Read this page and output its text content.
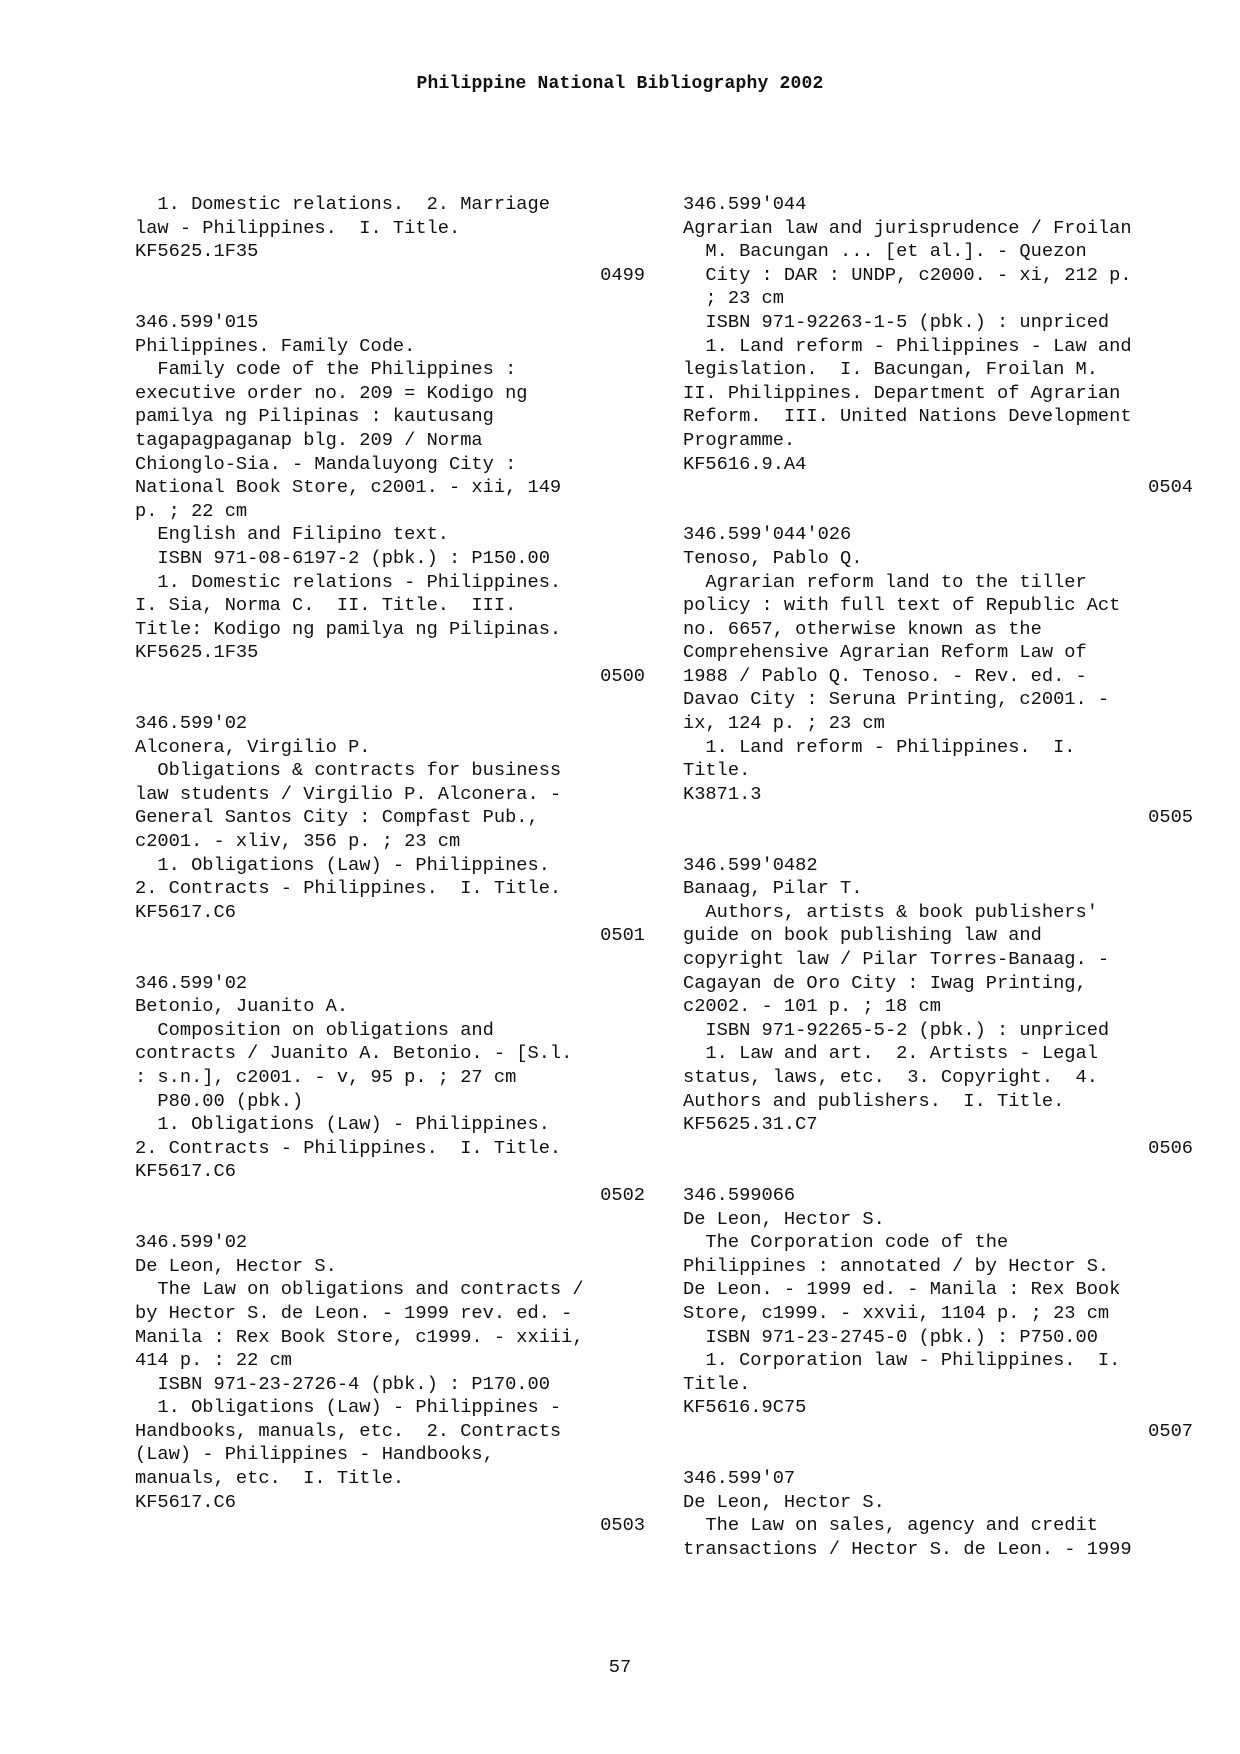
Philippine National Bibliography 2002
1. Domestic relations.  2. Marriage
law - Philippines.  I. Title.
KF5625.1F35
0499
346.599'015
Philippines. Family Code.
Family code of the Philippines :
executive order no. 209 = Kodigo ng
pamilya ng Pilipinas : kautusang
tagapagpaganap blg. 209 / Norma
Chionglo-Sia. - Mandaluyong City :
National Book Store, c2001. - xii, 149
p. ; 22 cm
English and Filipino text.
ISBN 971-08-6197-2 (pbk.) : P150.00
1. Domestic relations - Philippines.
I. Sia, Norma C.  II. Title.  III.
Title: Kodigo ng pamilya ng Pilipinas.
KF5625.1F35
0500
346.599'02
Alconera, Virgilio P.
Obligations & contracts for business
law students / Virgilio P. Alconera. -
General Santos City : Compfast Pub.,
c2001. - xliv, 356 p. ; 23 cm
1. Obligations (Law) - Philippines.
2. Contracts - Philippines.  I. Title.
KF5617.C6
0501
346.599'02
Betonio, Juanito A.
Composition on obligations and
contracts / Juanito A. Betonio. - [S.l.
: s.n.], c2001. - v, 95 p. ; 27 cm
P80.00 (pbk.)
1. Obligations (Law) - Philippines.
2. Contracts - Philippines.  I. Title.
KF5617.C6
0502
346.599'02
De Leon, Hector S.
The Law on obligations and contracts /
by Hector S. de Leon. - 1999 rev. ed. -
Manila : Rex Book Store, c1999. - xxiii,
414 p. : 22 cm
ISBN 971-23-2726-4 (pbk.) : P170.00
1. Obligations (Law) - Philippines -
Handbooks, manuals, etc.  2. Contracts
(Law) - Philippines - Handbooks,
manuals, etc.  I. Title.
KF5617.C6
0503
346.599'044
Agrarian law and jurisprudence / Froilan
M. Bacungan ... [et al.]. - Quezon
City : DAR : UNDP, c2000. - xi, 212 p.
; 23 cm
ISBN 971-92263-1-5 (pbk.) : unpriced
1. Land reform - Philippines - Law and
legislation.  I. Bacungan, Froilan M.
II. Philippines. Department of Agrarian
Reform.  III. United Nations Development
Programme.
KF5616.9.A4
0504
346.599'044'026
Tenoso, Pablo Q.
Agrarian reform land to the tiller
policy : with full text of Republic Act
no. 6657, otherwise known as the
Comprehensive Agrarian Reform Law of
1988 / Pablo Q. Tenoso. - Rev. ed. -
Davao City : Seruna Printing, c2001. -
ix, 124 p. ; 23 cm
1. Land reform - Philippines.  I.
Title.
K3871.3
0505
346.599'0482
Banaag, Pilar T.
Authors, artists & book publishers'
guide on book publishing law and
copyright law / Pilar Torres-Banaag. -
Cagayan de Oro City : Iwag Printing,
c2002. - 101 p. ; 18 cm
ISBN 971-92265-5-2 (pbk.) : unpriced
1. Law and art.  2. Artists - Legal
status, laws, etc.  3. Copyright.  4.
Authors and publishers.  I. Title.
KF5625.31.C7
0506
346.599066
De Leon, Hector S.
The Corporation code of the
Philippines : annotated / by Hector S.
De Leon. - 1999 ed. - Manila : Rex Book
Store, c1999. - xxvii, 1104 p. ; 23 cm
ISBN 971-23-2745-0 (pbk.) : P750.00
1. Corporation law - Philippines.  I.
Title.
KF5616.9C75
0507
346.599'07
De Leon, Hector S.
The Law on sales, agency and credit
transactions / Hector S. de Leon. - 1999
57
